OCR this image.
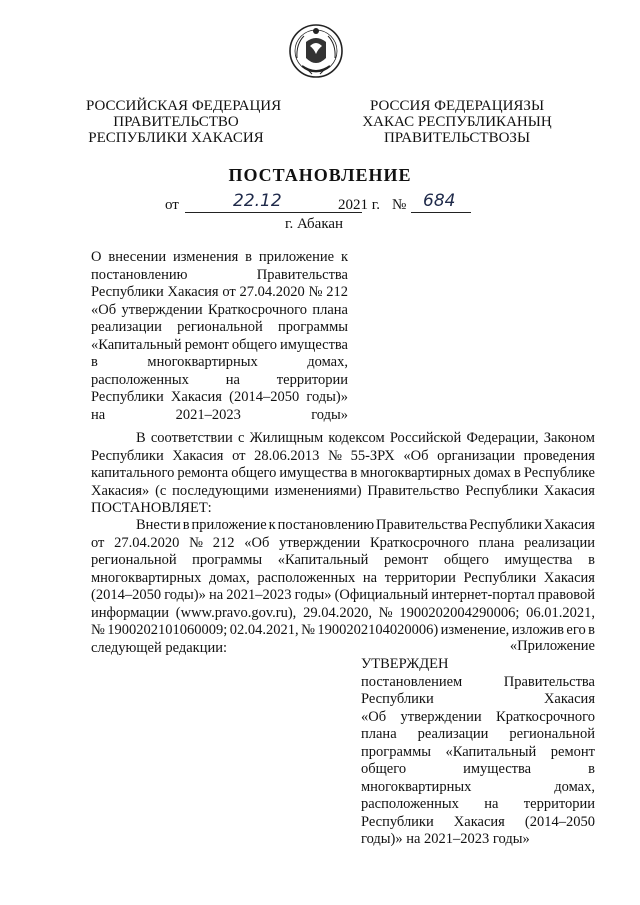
РОССИЙСКАЯ ФЕДЕРАЦИЯ
ПРАВИТЕЛЬСТВО
РЕСПУБЛИКИ ХАКАСИЯ
РОССИЯ ФЕДЕРАЦИЯЗЫ
ХАКАС РЕСПУБЛИКАНЫҢ
ПРАВИТЕЛЬСТВОЗЫ
ПОСТАНОВЛЕНИЕ
от	22.12	2021 г. № 684
г. Абакан
О внесении изменения в приложение к
постановлению	Правительства
Республики Хакасия от 27.04.2020 № 212
«Об утверждении Краткосрочного плана
реализации региональной программы
«Капитальный ремонт общего имущества
в	многоквартирных	домах,
расположенных	на	территории
Республики Хакасия (2014–2050 годы)»
на	2021–2023	годы»
В соответствии с Жилищным кодексом Российской Федерации, Законом
Республики Хакасия от 28.06.2013 № 55-ЗРХ «Об организации проведения
капитального ремонта общего имущества в многоквартирных домах в Республике
Хакасия» (с последующими изменениями) Правительство Республики Хакасия
ПОСТАНОВЛЯЕТ:
Внести в приложение к постановлению Правительства Республики Хакасия
от 27.04.2020 № 212 «Об утверждении Краткосрочного плана реализации
региональной программы «Капитальный ремонт общего имущества в
многоквартирных домах, расположенных на территории Республики Хакасия
(2014–2050 годы)» на 2021–2023 годы» (Официальный интернет-портал правовой
информации (www.pravo.gov.ru), 29.04.2020, № 1900202004290006; 06.01.2021,
№ 1900202101060009; 02.04.2021, № 1900202104020006) изменение, изложив его в
следующей редакции:	«Приложение
УТВЕРЖДЕН
постановлением	Правительства
Республики	Хакасия
«Об утверждении Краткосрочного
плана реализации региональной
программы «Капитальный ремонт
общего	имущества	в
многоквартирных	домах,
расположенных на территории
Республики Хакасия (2014–2050
годы)» на 2021–2023 годы»
